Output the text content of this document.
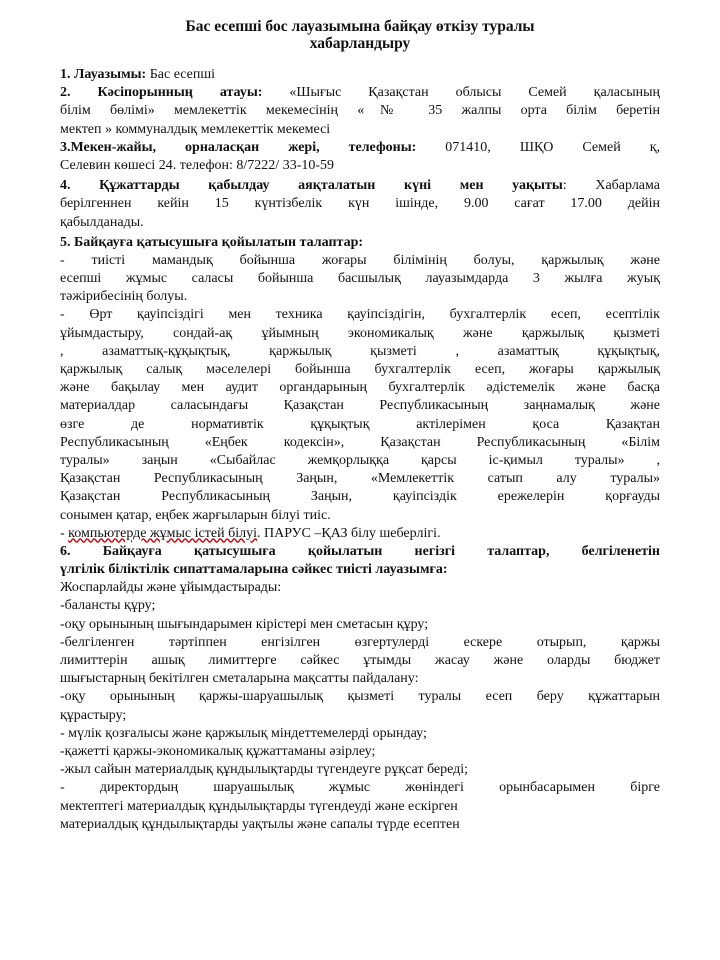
Бас есепші бос лауазымына байқау өткізу туралы
хабарландыру
1. Лауазымы: Бас есепші
2. Кәсіпорынның атауы: «Шығыс Қазақстан облысы Семей қаласының
білім бөлімі» мемлекеттік мекемесінің «№ 35 жалпы орта білім беретін
мектеп » коммуналдық мемлекеттік мекемесі
3.Мекен-жайы, орналасқан жері, телефоны: 071410, ШҚО Семей қ,
Селевин көшесі 24. телефон: 8/7222/ 33-10-59
4. Құжаттарды қабылдау аяқталатын күні мен уақыты: Хабарлама
берілгеннен кейін 15 күнтізбелік күн ішінде, 9.00 сағат 17.00 дейін
қабылданады.
5. Байқауға қатысушыға қойылатын талаптар:
- тиісті мамандық бойынша жоғары білімінің болуы, қаржылық және
есепші жұмыс саласы бойынша басшылық лауазымдарда 3 жылға жуық
тәжірибесінің болуы.
- Өрт қауіпсіздігі мен техника қауіпсіздігін, бухгалтерлік есеп, есептілік
ұйымдастыру, сондай-ақ ұйымның экономикалық және қаржылық қызметі
, азаматтық-құқықтық, қаржылық қызметі , азаматтық құқықтық,
қаржылық салық мәселелері бойынша бухгалтерлік есеп, жоғары қаржылық
және бақылау мен аудит органдарының бухгалтерлік әдістемелік және басқа
материалдар саласындағы Қазақстан Республикасының заңнамалық және
өзге де нормативтік құқықтық актілерімен қоса Қазақтан
Республикасының «Еңбек кодексін», Қазақстан Республикасының «Білім
туралы» заңын «Сыбайлас жемқорлыққа қарсы іс-қимыл туралы» ,
Қазақстан Республикасының Заңын, «Мемлекеттік сатып алу туралы»
Қазақстан Республикасының Заңын, қауіпсіздік ережелерін қорғауды
сонымен қатар, еңбек жарғыларын білуі тиіс.
- компьютерде жұмыс істей білуі. ПАРУС –ҚАЗ білу шеберлігі.
6. Байқауға қатысушыға қойылатын негізгі талаптар, белгіленетін
үлгілік біліктілік сипаттамаларына сәйкес тиісті лауазымға:
Жоспарлайды және ұйымдастырады:
-балансты құру;
-оқу орынының шығындарымен кірістері мен сметасын құру;
-белгіленген тәртіппен енгізілген өзгертулерді ескере отырып, қаржы
лимиттерін ашық лимиттерге сәйкес ұтымды жасау және оларды бюджет
шығыстарның бекітілген сметаларына мақсатты пайдалану:
-оқу орынының қаржы-шаруашылық қызметі туралы есеп беру құжаттарын
құрастыру;
- мүлік қозғалысы және қаржылық міндеттемелерді орындау;
-қажетті қаржы-экономикалық құжаттаманы әзірлеу;
-жыл сайын материалдық құндылықтарды түгендеуге рұқсат береді;
- директордың шаруашылық жұмыс жөніндегі орынбасарымен бірге
мектептегі материалдық құндылықтарды түгендеуді және ескірген
материалдық құндылықтарды уақтылы және сапалы түрде есептен
